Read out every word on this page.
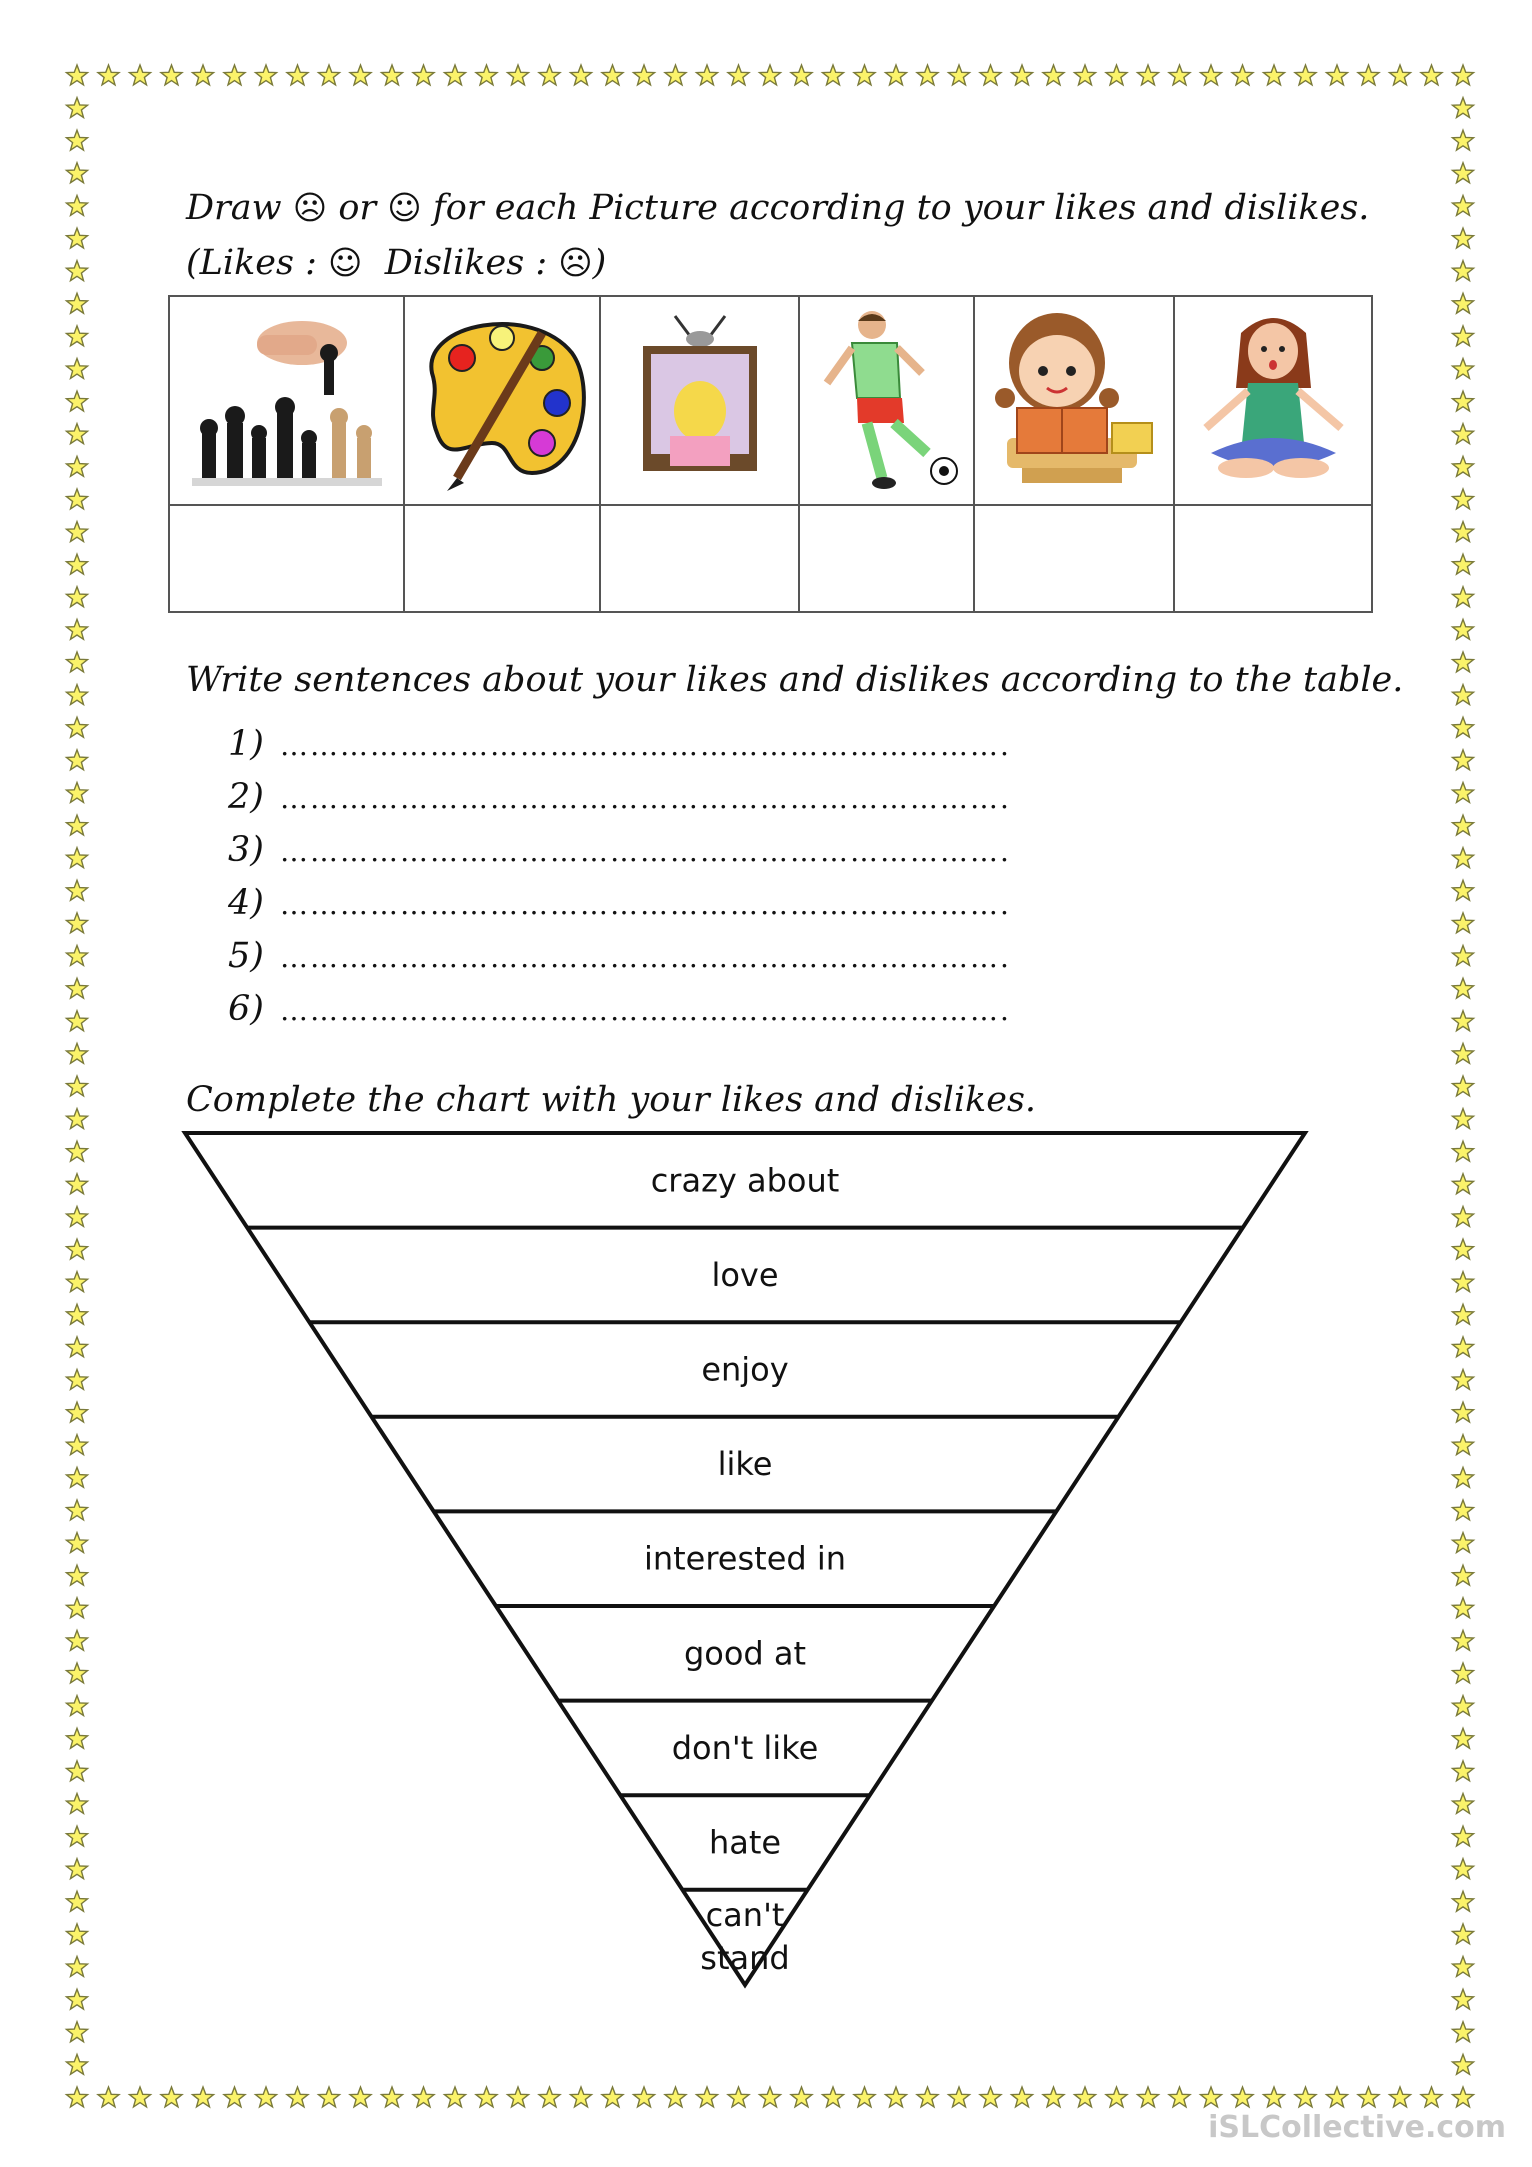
Draw ☹ or ☺ for each Picture according to your likes and dislikes.
(Likes : ☺ Dislikes : ☹)

Write sentences about your likes and dislikes according to the table.
1) ……………………………………………………………….
2) ……………………………………………………………….
3) ……………………………………………………………….
4) ……………………………………………………………….
5) ……………………………………………………………….
6) ……………………………………………………………….
Complete the chart with your likes and dislikes.
crazy about
love
enjoy
like
interested in
good at
don't like
hate
can't
stand
iSLCollective.com
